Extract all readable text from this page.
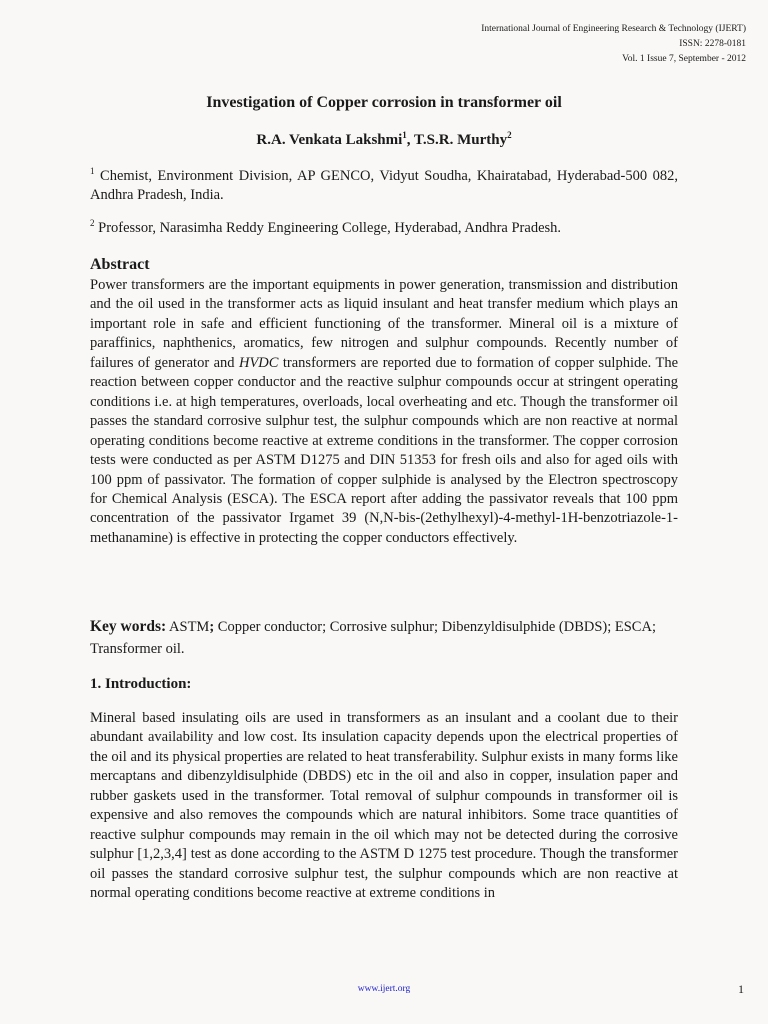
International Journal of Engineering Research & Technology (IJERT)
ISSN: 2278-0181
Vol. 1 Issue 7, September - 2012
Investigation of Copper corrosion in transformer oil
R.A. Venkata Lakshmi$^1$, T.S.R. Murthy$^2$
$^1$ Chemist, Environment Division, AP GENCO, Vidyut Soudha, Khairatabad, Hyderabad-500 082, Andhra Pradesh, India.
$^2$ Professor, Narasimha Reddy Engineering College, Hyderabad, Andhra Pradesh.
Abstract
Power transformers are the important equipments in power generation, transmission and distribution and the oil used in the transformer acts as liquid insulant and heat transfer medium which plays an important role in safe and efficient functioning of the transformer. Mineral oil is a mixture of paraffinics, naphthenics, aromatics, few nitrogen and sulphur compounds. Recently number of failures of generator and HVDC transformers are reported due to formation of copper sulphide. The reaction between copper conductor and the reactive sulphur compounds occur at stringent operating conditions i.e. at high temperatures, overloads, local overheating and etc. Though the transformer oil passes the standard corrosive sulphur test, the sulphur compounds which are non reactive at normal operating conditions become reactive at extreme conditions in the transformer. The copper corrosion tests were conducted as per ASTM D1275 and DIN 51353 for fresh oils and also for aged oils with 100 ppm of passivator. The formation of copper sulphide is analysed by the Electron spectroscopy for Chemical Analysis (ESCA). The ESCA report after adding the passivator reveals that 100 ppm concentration of the passivator Irgamet 39 (N,N-bis-(2ethylhexyl)-4-methyl-1H-benzotriazole-1-methanamine) is effective in protecting the copper conductors effectively.
Key words: ASTM; Copper conductor; Corrosive sulphur; Dibenzyldisulphide (DBDS); ESCA; Transformer oil.
1. Introduction:
Mineral based insulating oils are used in transformers as an insulant and a coolant due to their abundant availability and low cost. Its insulation capacity depends upon the electrical properties of the oil and its physical properties are related to heat transferability. Sulphur exists in many forms like mercaptans and dibenzyldisulphide (DBDS) etc in the oil and also in copper, insulation paper and rubber gaskets used in the transformer. Total removal of sulphur compounds in transformer oil is expensive and also removes the compounds which are natural inhibitors. Some trace quantities of reactive sulphur compounds may remain in the oil which may not be detected during the corrosive sulphur [1,2,3,4] test as done according to the ASTM D 1275 test procedure. Though the transformer oil passes the standard corrosive sulphur test, the sulphur compounds which are non reactive at normal operating conditions become reactive at extreme conditions in
www.ijert.org	1
